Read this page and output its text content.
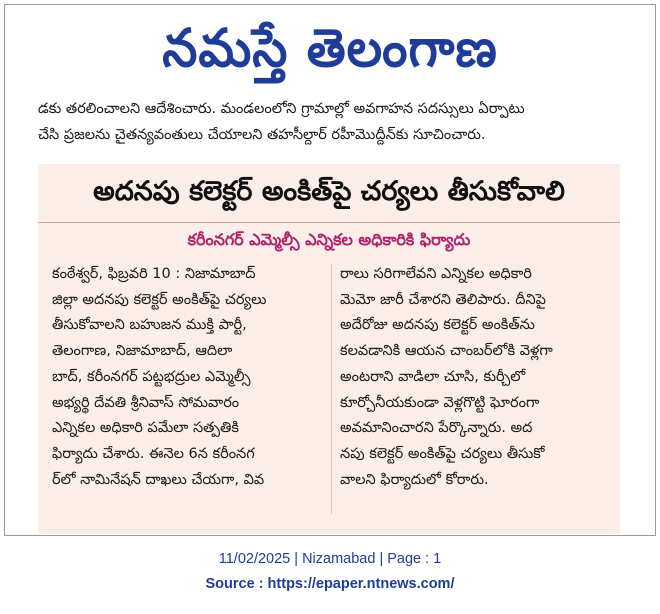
నమస్తే తెలంగాణ

డకు తరలించాలని ఆదేశించారు. మండలంలోని గ్రామాల్లో అవగాహన సదస్సులు ఏర్పాటు

చేసి ప్రజలను చైతన్యవంతులు చేయాలని తహసీల్దార్ రహీమొద్దీన్‌కు సూచించారు.

అదనపు కలెక్టర్ అంకిత్‌పై చర్యలు తీసుకోవాలి
కరీంనగర్ ఎమ్మెల్సీ ఎన్నికల అధికారికి ఫిర్యాదు

కంఠేశ్వర్, ఫిబ్రవరి 10 : నిజామాబాద్

జిల్లా అదనపు కలెక్టర్ అంకిత్‌పై చర్యలు

తీసుకోవాలని బహుజన ముక్తి పార్టీ,

తెలంగాణ, నిజామాబాద్, ఆదిలా

బాద్, కరీంనగర్ పట్టభద్రుల ఎమ్మెల్సీ

అభ్యర్థి దేవతి శ్రీనివాస్ సోమవారం

ఎన్నికల అధికారి పమేలా సత్పతికి

ఫిర్యాదు చేశారు. ఈనెల 6న కరీంనగ

ర్‌లో నామినేషన్ దాఖలు చేయగా, వివ

రాలు సరిగాలేవని ఎన్నికల అధికారి

మెమో జారీ చేశారని తెలిపారు. దీనిపై

అదేరోజు అదనపు కలెక్టర్ అంకిత్‌ను

కలవడానికి ఆయన చాంబర్‌లోకి వెళ్లగా

అంటరాని వాడిలా చూసి, కుర్చీలో

కూర్చోనీయకుండా వెళ్లగొట్టి ఘోరంగా

అవమానించారని పేర్కొన్నారు. అద

నపు కలెక్టర్ అంకిత్‌పై చర్యలు తీసుకో

వాలని ఫిర్యాదులో కోరారు.

11/02/2025 | Nizamabad | Page : 1
Source : https://epaper.ntnews.com/
